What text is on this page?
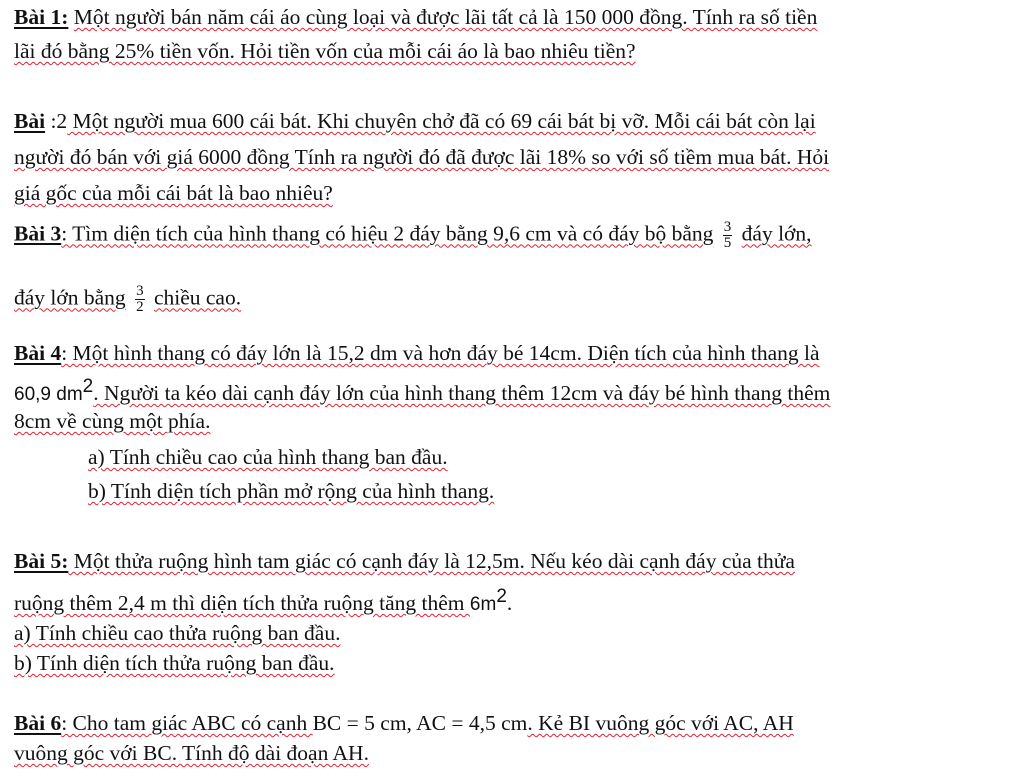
Bài 1: Một người bán năm cái áo cùng loại và được lãi tất cả là 150 000 đồng. Tính ra số tiền
lãi đó bằng 25% tiền vốn. Hỏi tiền vốn của mỗi cái áo là bao nhiêu tiền?
Bài :2 Một người mua 600 cái bát. Khi chuyên chở đã có 69 cái bát bị vỡ. Mỗi cái bát còn lại
người đó bán với giá 6000 đồng Tính ra người đó đã được lãi 18% so với số tiềm mua bát. Hỏi
giá gốc của mỗi cái bát là bao nhiêu?
Bài 3: Tìm diện tích của hình thang có hiệu 2 đáy bằng 9,6 cm và có đáy bộ bằng $\frac{3}{5}$ đáy lớn,
đáy lớn bằng $\frac{3}{2}$ chiều cao.
Bài 4: Một hình thang có đáy lớn là 15,2 dm và hơn đáy bé 14cm. Diện tích của hình thang là
60,9 $dm^2$. Người ta kéo dài cạnh đáy lớn của hình thang thêm 12cm và đáy bé hình thang thêm
8cm về cùng một phía.
a) Tính chiều cao của hình thang ban đầu.
b) Tính diện tích phần mở rộng của hình thang.
Bài 5: Một thửa ruộng hình tam giác có cạnh đáy là 12,5m. Nếu kéo dài cạnh đáy của thửa
ruộng thêm 2,4 m thì diện tích thửa ruộng tăng thêm $6m^2$.
a) Tính chiều cao thửa ruộng ban đầu.
b) Tính diện tích thửa ruộng ban đầu.
Bài 6: Cho tam giác ABC có cạnh BC = 5 cm, AC = 4,5 cm. Kẻ BI vuông góc với AC, AH
vuông góc với BC. Tính độ dài đoạn AH.
